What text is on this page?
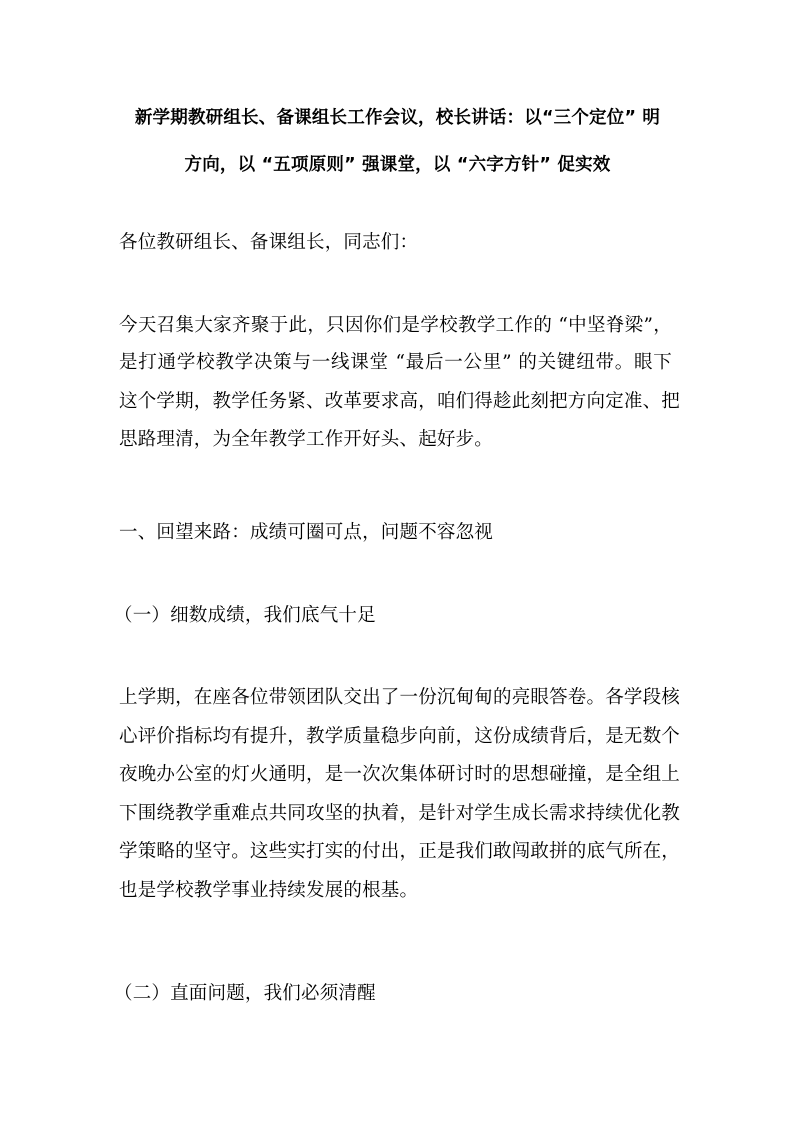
新学期教研组长、备课组长工作会议，校长讲话：以“三个定位” 明
方向，以 “五项原则” 强课堂，以 “六字方针” 促实效
各位教研组长、备课组长，同志们：
今天召集大家齐聚于此，只因你们是学校教学工作的 “中坚脊梁”，
是打通学校教学决策与一线课堂 “最后一公里” 的关键纽带。眼下
这个学期，教学任务紧、改革要求高，咱们得趁此刻把方向定准、把
思路理清，为全年教学工作开好头、起好步。
一、回望来路：成绩可圈可点，问题不容忽视
（一）细数成绩，我们底气十足
上学期，在座各位带领团队交出了一份沉甸甸的亮眼答卷。各学段核
心评价指标均有提升，教学质量稳步向前，这份成绩背后，是无数个
夜晚办公室的灯火通明，是一次次集体研讨时的思想碰撞，是全组上
下围绕教学重难点共同攻坚的执着，是针对学生成长需求持续优化教
学策略的坚守。这些实打实的付出，正是我们敢闯敢拼的底气所在，
也是学校教学事业持续发展的根基。
（二）直面问题，我们必须清醒
